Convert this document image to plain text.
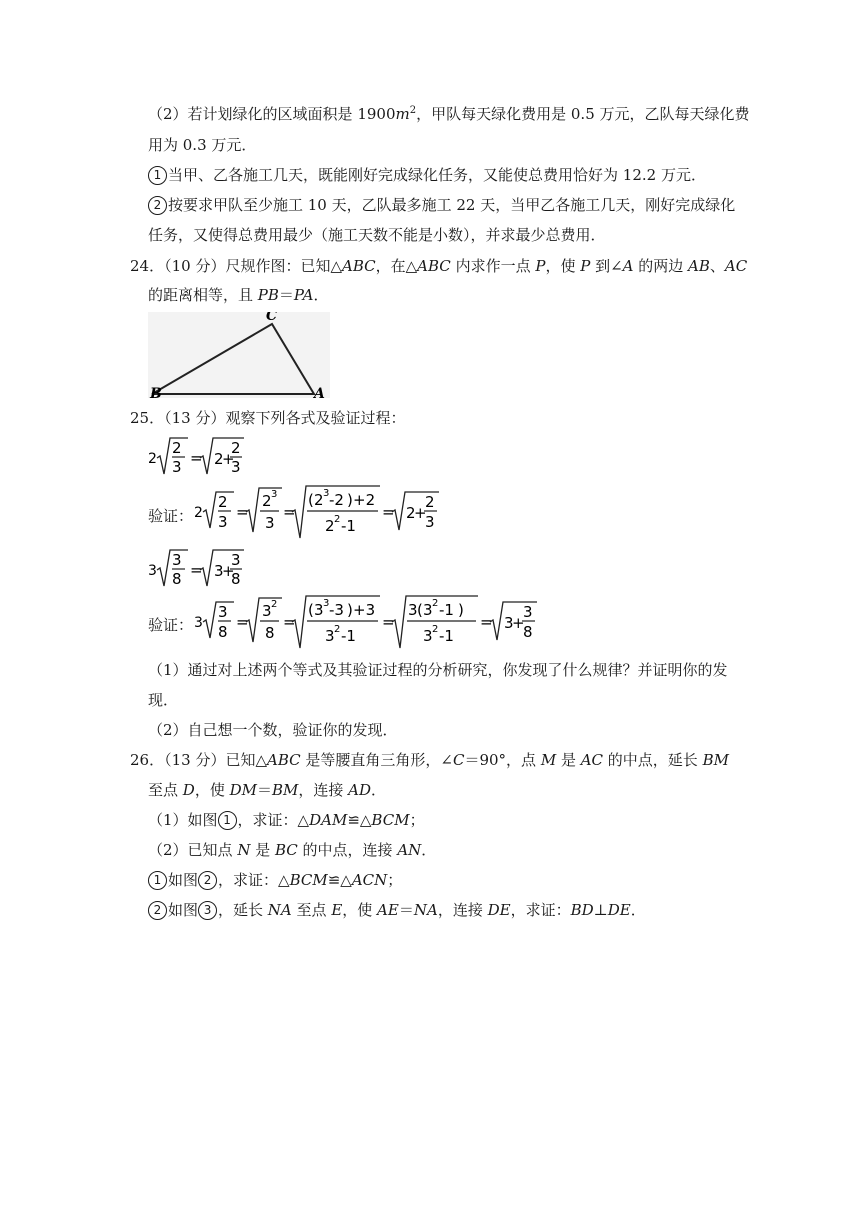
（2）若计划绿化的区域面积是 $1900m^2$，甲队每天绿化费用是 0.5 万元，乙队每天绿化费
用为 0.3 万元．
1 当甲、乙各施工几天，既能刚好完成绿化任务，又能使总费用恰好为 12.2 万元．
2 按要求甲队至少施工 10 天，乙队最多施工 22 天，当甲乙各施工几天，刚好完成绿化
任务，又使得总费用最少（施工天数不能是小数），并求最少总费用．
24．（10 分）尺规作图：已知△ABC，在△ABC 内求作一点 P，使 P 到∠A 的两边 AB、AC
的距离相等，且 PB＝PA．
C
B	A
25．（13 分）观察下列各式及验证过程：
2
2
3 = 2
+
2
3
验证： 2
2
3
=
2 3
3
=
( 2 3 -2 ) +2
2 2 -1
= 2
+
2
3
3
3
8 = 3
+
3
8
验证： 3
3
8
=
3 2
8
=
( 3 3 -3 ) +3
3 2 -1
=
3 ( 3 2 -1 )
3 2 -1
= 3
+
3
8
（1）通过对上述两个等式及其验证过程的分析研究，你发现了什么规律？并证明你的发
现．
（2）自己想一个数，验证你的发现．
26．（13 分）已知△ABC 是等腰直角三角形，∠C＝90°，点 M 是 AC 的中点，延长 BM
至点 D，使 DM＝BM，连接 AD．
（1）如图 1 ，求证：△DAM≌△BCM；
（2）已知点 N 是 BC 的中点，连接 AN．
1 如图 2 ，求证：△BCM≌△ACN；
2 如图 3 ，延长 NA 至点 E，使 AE＝NA，连接 DE，求证：BD⊥DE．
